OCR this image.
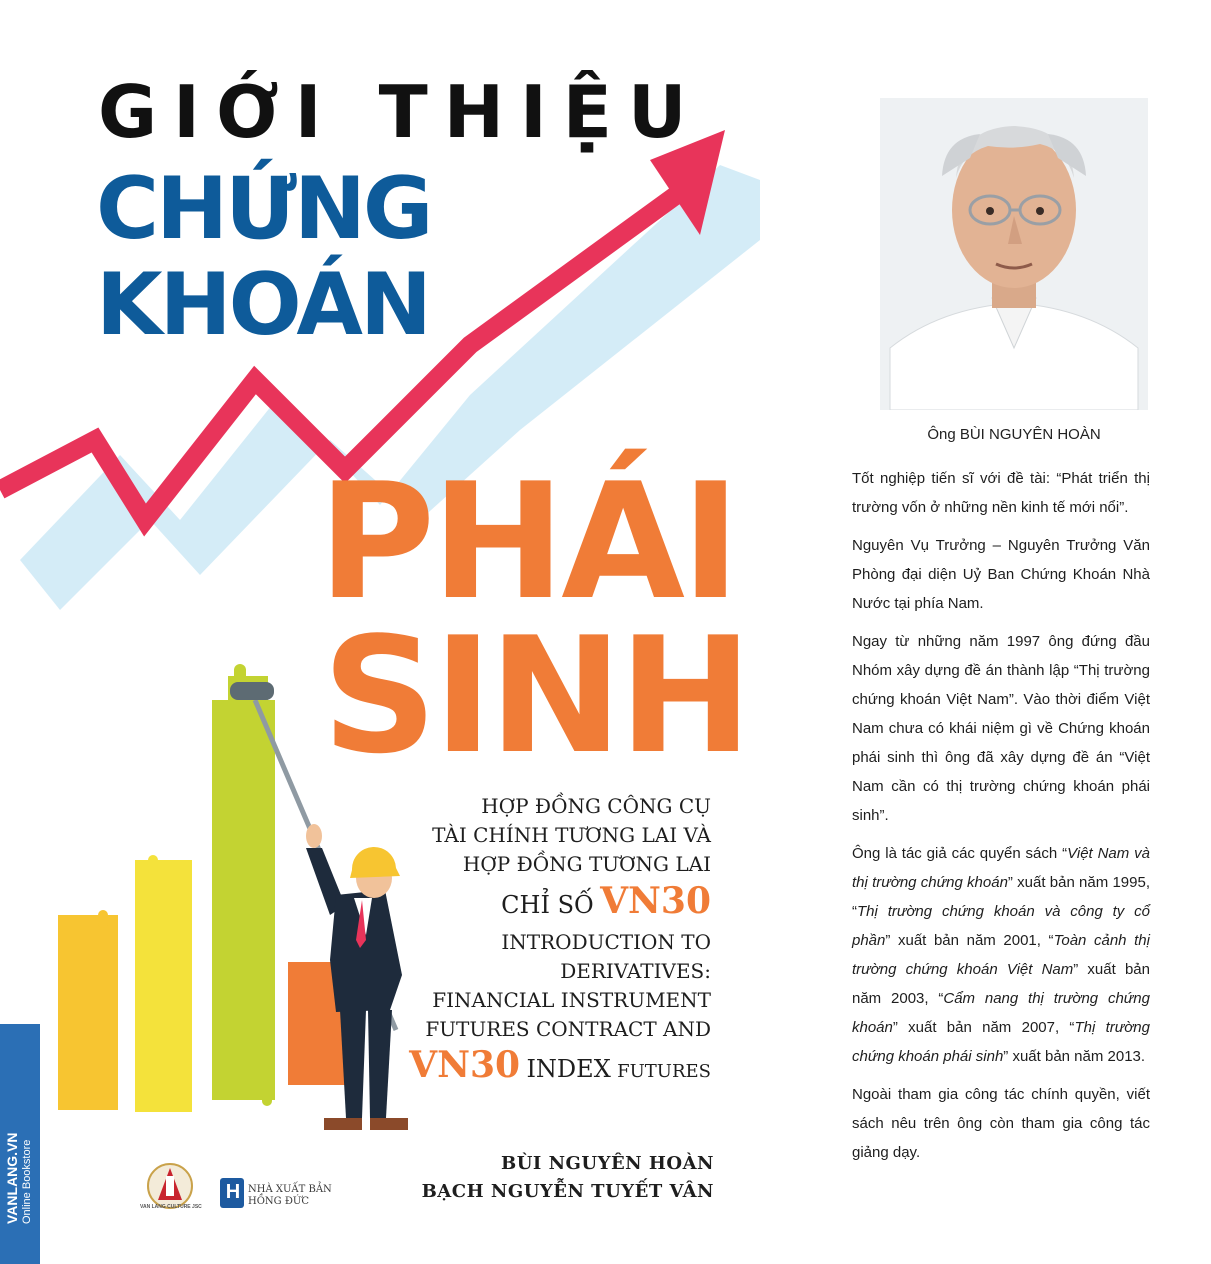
GIỚI THIỆU
CHỨNG
KHOÁN
PHÁI
SINH
HỢP ĐỒNG CÔNG CỤ
TÀI CHÍNH TƯƠNG LAI VÀ
HỢP ĐỒNG TƯƠNG LAI
CHỈ SỐ VN30
INTRODUCTION TO
DERIVATIVES:
FINANCIAL INSTRUMENT
FUTURES CONTRACT AND
VN30 INDEX FUTURES
BÙI NGUYÊN HOÀN
BẠCH NGUYỄN TUYẾT VÂN
H NHÀ XUẤT BẢN
HỒNG ĐỨC
VAN LANG CULTURE JSC
VANLANG.VN Online Bookstore
Ông BÙI NGUYÊN HOÀN

Tốt nghiệp tiến sĩ với đề tài: “Phát triển thị trường vốn ở những nền kinh tế mới nổi”.

Nguyên Vụ Trưởng – Nguyên Trưởng Văn Phòng đại diện Uỷ Ban Chứng Khoán Nhà Nước tại phía Nam.

Ngay từ những năm 1997 ông đứng đầu Nhóm xây dựng đề án thành lập “Thị trường chứng khoán Việt Nam”. Vào thời điểm Việt Nam chưa có khái niệm gì về Chứng khoán phái sinh thì ông đã xây dựng đề án “Việt Nam cần có thị trường chứng khoán phái sinh”.

Ông là tác giả các quyển sách “Việt Nam và thị trường chứng khoán” xuất bản năm 1995, “Thị trường chứng khoán và công ty cổ phần” xuất bản năm 2001, “Toàn cảnh thị trường chứng khoán Việt Nam” xuất bản năm 2003, “Cẩm nang thị trường chứng khoán” xuất bản năm 2007, “Thị trường chứng khoán phái sinh” xuất bản năm 2013.

Ngoài tham gia công tác chính quyền, viết sách nêu trên ông còn tham gia công tác giảng dạy.
